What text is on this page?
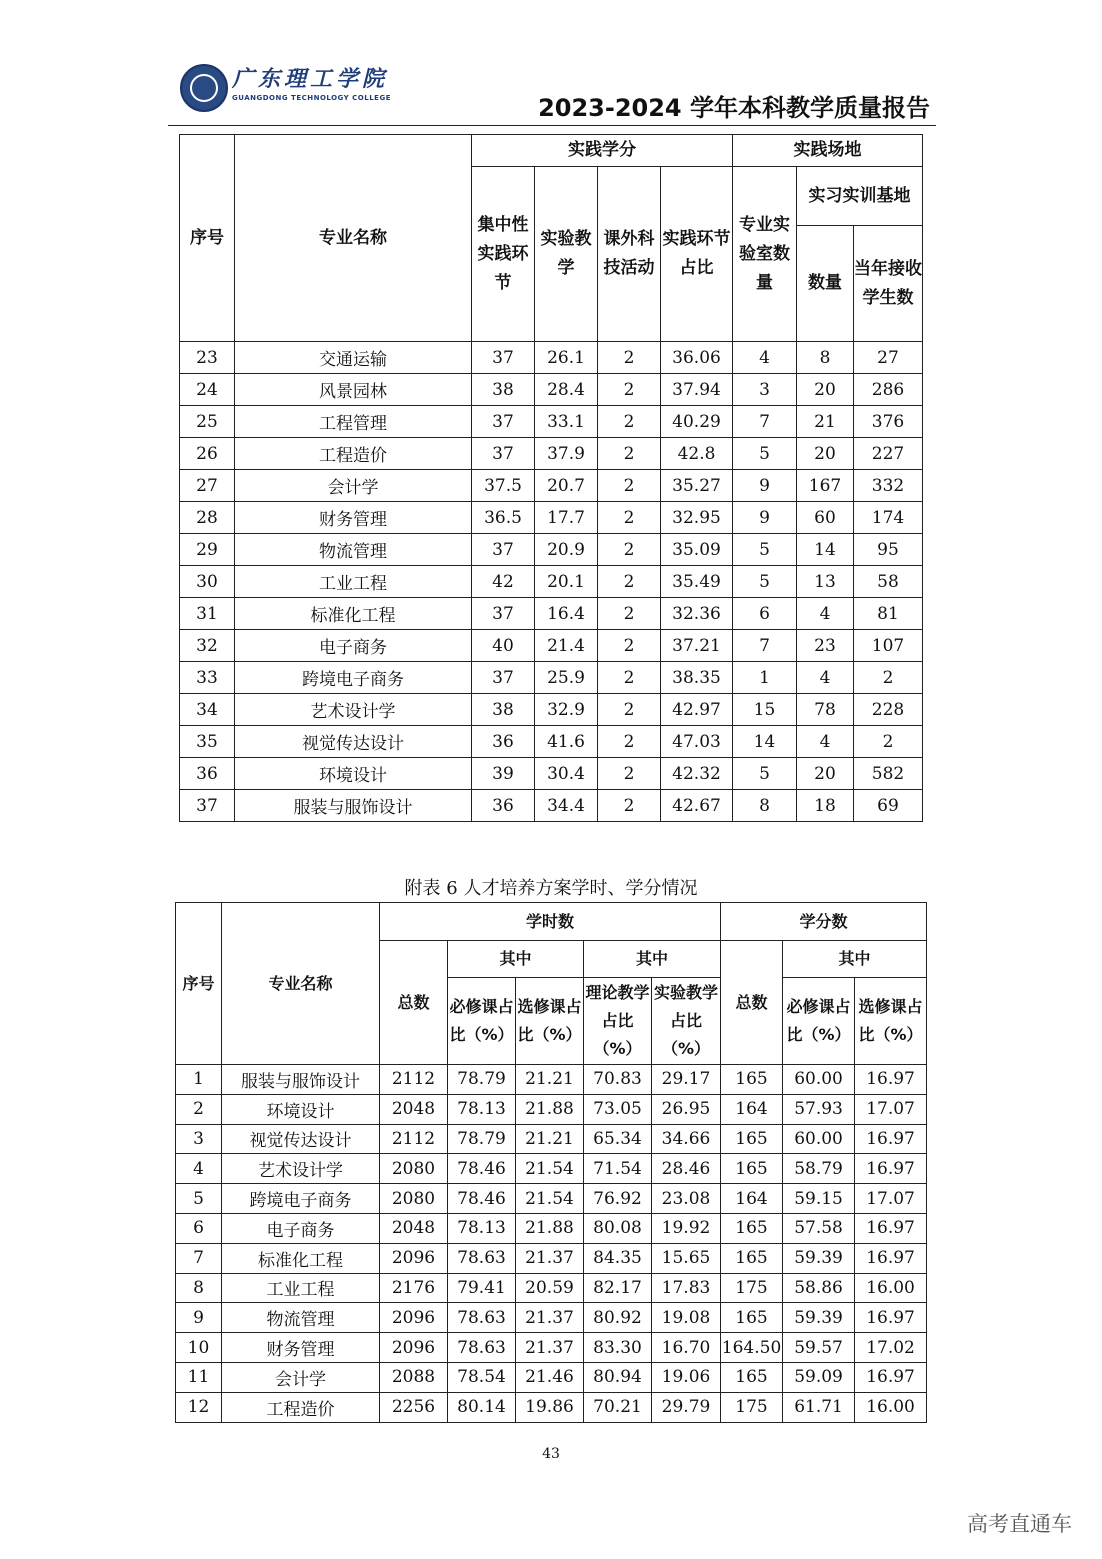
广东理工学院
GUANGDONG TECHNOLOGY COLLEGE	2023-2024 学年本科教学质量报告
序号	专业名称	实践学分				实践场地		
		集中性实践环节	实验教学	课外科技活动	实践环节占比	专业实验室数量	实习实训基地	
							数量	当年接收学生数
23	交通运输	37	26.1	2	36.06	4	8	27
24	风景园林	38	28.4	2	37.94	3	20	286
25	工程管理	37	33.1	2	40.29	7	21	376
26	工程造价	37	37.9	2	42.8	5	20	227
27	会计学	37.5	20.7	2	35.27	9	167	332
28	财务管理	36.5	17.7	2	32.95	9	60	174
29	物流管理	37	20.9	2	35.09	5	14	95
30	工业工程	42	20.1	2	35.49	5	13	58
31	标准化工程	37	16.4	2	32.36	6	4	81
32	电子商务	40	21.4	2	37.21	7	23	107
33	跨境电子商务	37	25.9	2	38.35	1	4	2
34	艺术设计学	38	32.9	2	42.97	15	78	228
35	视觉传达设计	36	41.6	2	47.03	14	4	2
36	环境设计	39	30.4	2	42.32	5	20	582
37	服装与服饰设计	36	34.4	2	42.67	8	18	69
附表 6 人才培养方案学时、学分情况
序号	专业名称	学时数					学分数		
		总数	其中		其中		总数	其中	
			必修课占比（%）	选修课占比（%）	理论教学占比（%）	实验教学占比（%）		必修课占比（%）	选修课占比（%）
1	服装与服饰设计	2112	78.79	21.21	70.83	29.17	165	60.00	16.97
2	环境设计	2048	78.13	21.88	73.05	26.95	164	57.93	17.07
3	视觉传达设计	2112	78.79	21.21	65.34	34.66	165	60.00	16.97
4	艺术设计学	2080	78.46	21.54	71.54	28.46	165	58.79	16.97
5	跨境电子商务	2080	78.46	21.54	76.92	23.08	164	59.15	17.07
6	电子商务	2048	78.13	21.88	80.08	19.92	165	57.58	16.97
7	标准化工程	2096	78.63	21.37	84.35	15.65	165	59.39	16.97
8	工业工程	2176	79.41	20.59	82.17	17.83	175	58.86	16.00
9	物流管理	2096	78.63	21.37	80.92	19.08	165	59.39	16.97
10	财务管理	2096	78.63	21.37	83.30	16.70	164.50	59.57	17.02
11	会计学	2088	78.54	21.46	80.94	19.06	165	59.09	16.97
12	工程造价	2256	80.14	19.86	70.21	29.79	175	61.71	16.00
43
高考直通车
